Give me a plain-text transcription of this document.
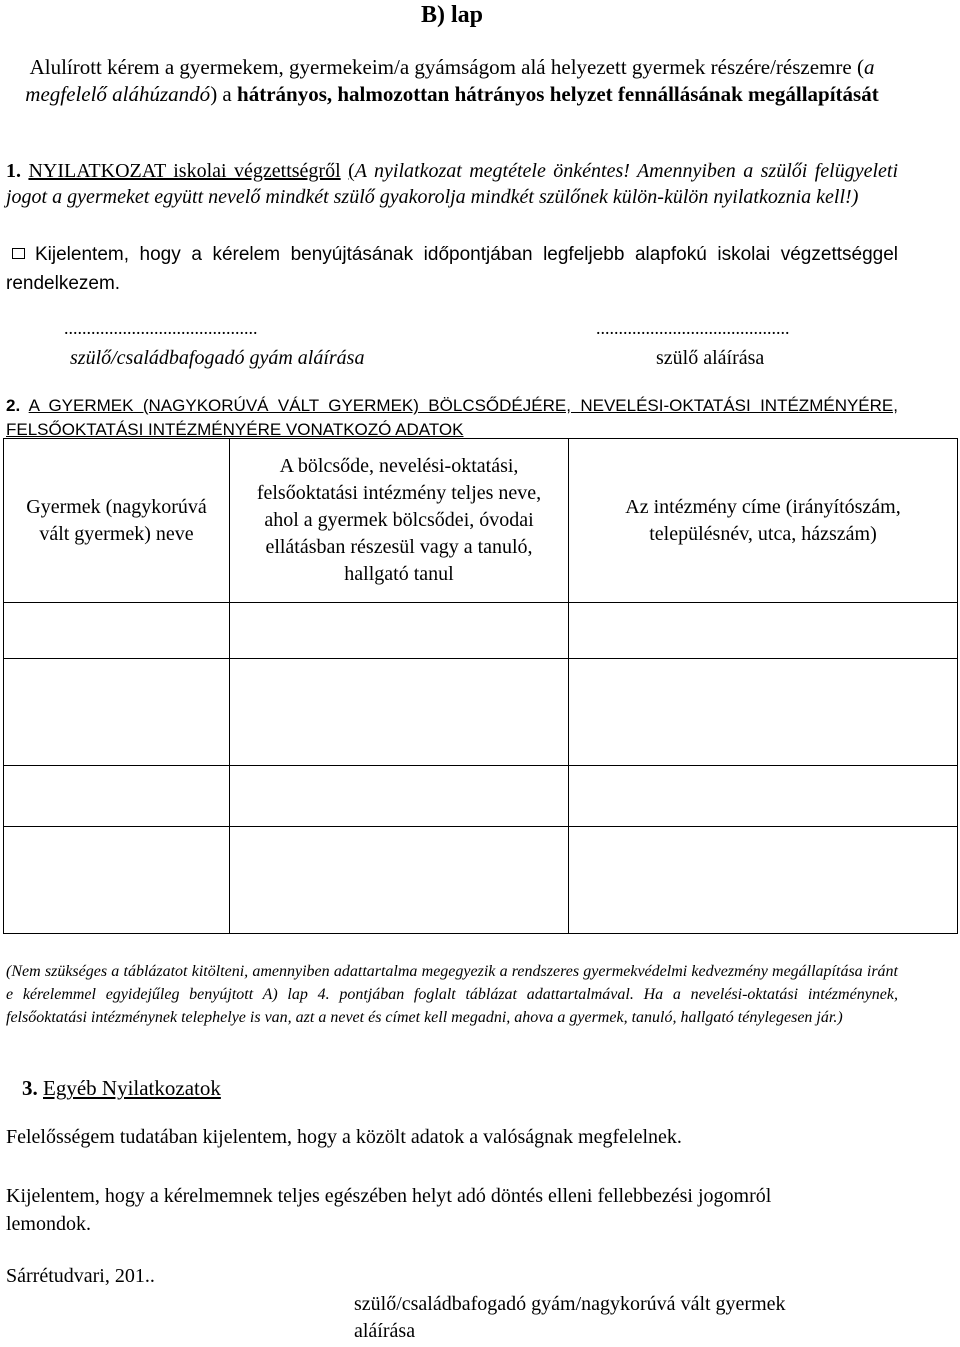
B) lap
Alulírott kérem a gyermekem, gyermekeim/a gyámságom alá helyezett gyermek részére/részemre (a megfelelő aláhúzandó) a hátrányos, halmozottan hátrányos helyzet fennállásának megállapítását
1. NYILATKOZAT iskolai végzettségről (A nyilatkozat megtétele önkéntes! Amennyiben a szülői felügyeleti jogot a gyermeket együtt nevelő mindkét szülő gyakorolja mindkét szülőnek külön-külön nyilatkoznia kell!)
Kijelentem, hogy a kérelem benyújtásának időpontjában legfeljebb alapfokú iskolai végzettséggel rendelkezem.
...........................................
szülő/családbafogadó gyám aláírása
...........................................
szülő aláírása
2. A GYERMEK (NAGYKORÚVÁ VÁLT GYERMEK) BÖLCSŐDÉJÉRE, NEVELÉSI-OKTATÁSI INTÉZMÉNYÉRE, FELSŐOKTATÁSI INTÉZMÉNYÉRE VONATKOZÓ ADATOK
Gyermek (nagykorúvá vált gyermek) neve	A bölcsőde, nevelési-oktatási, felsőoktatási intézmény teljes neve, ahol a gyermek bölcsődei, óvodai ellátásban részesül vagy a tanuló, hallgató tanul	Az intézmény címe (irányítószám, településnév, utca, házszám)

(Nem szükséges a táblázatot kitölteni, amennyiben adattartalma megegyezik a rendszeres gyermekvédelmi kedvezmény megállapítása iránt e kérelemmel egyidejűleg benyújtott A) lap 4. pontjában foglalt táblázat adattartalmával. Ha a nevelési-oktatási intézménynek, felsőoktatási intézménynek telephelye is van, azt a nevet és címet kell megadni, ahova a gyermek, tanuló, hallgató ténylegesen jár.)
3. Egyéb Nyilatkozatok
Felelősségem tudatában kijelentem, hogy a közölt adatok a valóságnak megfelelnek.
Kijelentem, hogy a kérelmemnek teljes egészében helyt adó döntés elleni fellebbezési jogomról lemondok.
Sárrétudvari, 201..
szülő/családbafogadó gyám/nagykorúvá vált gyermek aláírása
